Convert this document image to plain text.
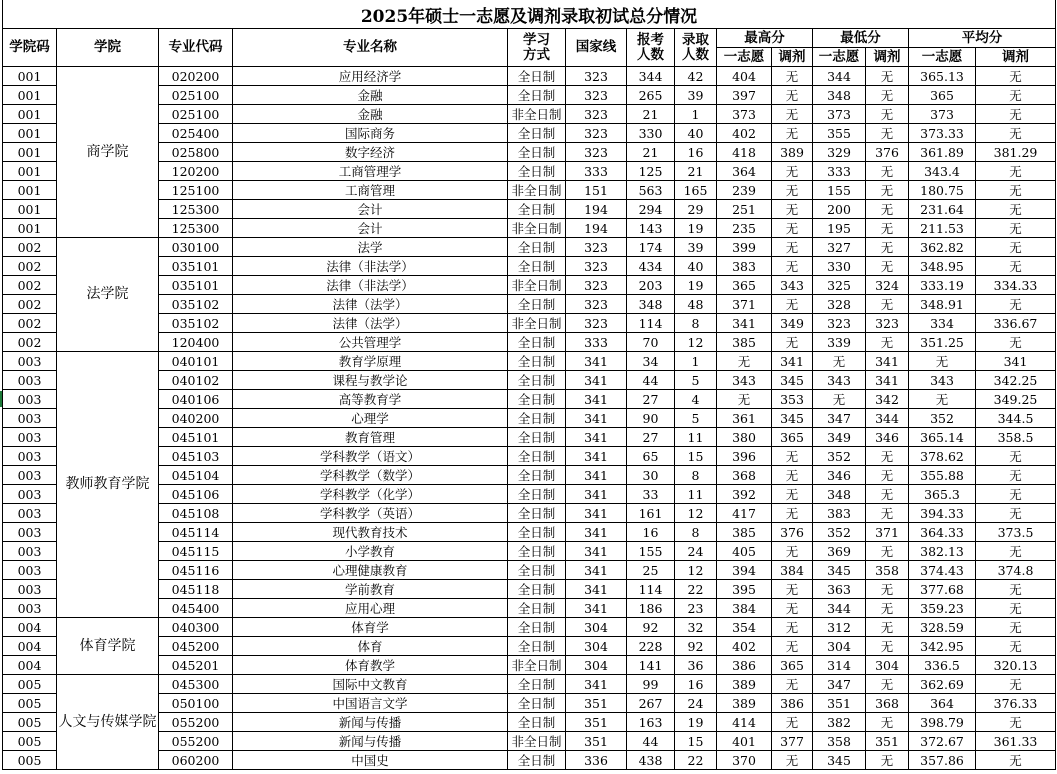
2025年硕士一志愿及调剂录取初试总分情况													
学院码	学院	专业代码	专业名称	学习方式	国家线	报考人数	录取人数	最高分		最低分		平均分	
								一志愿	调剂	一志愿	调剂	一志愿	调剂
001	商学院	020200	应用经济学	全日制	323	344	42	404	无	344	无	365.13	无
001		025100	金融	全日制	323	265	39	397	无	348	无	365	无
001		025100	金融	非全日制	323	21	1	373	无	373	无	373	无
001		025400	国际商务	全日制	323	330	40	402	无	355	无	373.33	无
001		025800	数字经济	全日制	323	21	16	418	389	329	376	361.89	381.29
001		120200	工商管理学	全日制	333	125	21	364	无	333	无	343.4	无
001		125100	工商管理	非全日制	151	563	165	239	无	155	无	180.75	无
001		125300	会计	全日制	194	294	29	251	无	200	无	231.64	无
001		125300	会计	非全日制	194	143	19	235	无	195	无	211.53	无
002	法学院	030100	法学	全日制	323	174	39	399	无	327	无	362.82	无
002		035101	法律（非法学）	全日制	323	434	40	383	无	330	无	348.95	无
002		035101	法律（非法学）	非全日制	323	203	19	365	343	325	324	333.19	334.33
002		035102	法律（法学）	全日制	323	348	48	371	无	328	无	348.91	无
002		035102	法律（法学）	非全日制	323	114	8	341	349	323	323	334	336.67
002		120400	公共管理学	全日制	333	70	12	385	无	339	无	351.25	无
003	教师教育学院	040101	教育学原理	全日制	341	34	1	无	341	无	341	无	341
003		040102	课程与教学论	全日制	341	44	5	343	345	343	341	343	342.25
003		040106	高等教育学	全日制	341	27	4	无	353	无	342	无	349.25
003		040200	心理学	全日制	341	90	5	361	345	347	344	352	344.5
003		045101	教育管理	全日制	341	27	11	380	365	349	346	365.14	358.5
003		045103	学科教学（语文）	全日制	341	65	15	396	无	352	无	378.62	无
003		045104	学科教学（数学）	全日制	341	30	8	368	无	346	无	355.88	无
003		045106	学科教学（化学）	全日制	341	33	11	392	无	348	无	365.3	无
003		045108	学科教学（英语）	全日制	341	161	12	417	无	383	无	394.33	无
003		045114	现代教育技术	全日制	341	16	8	385	376	352	371	364.33	373.5
003		045115	小学教育	全日制	341	155	24	405	无	369	无	382.13	无
003		045116	心理健康教育	全日制	341	25	12	394	384	345	358	374.43	374.8
003		045118	学前教育	全日制	341	114	22	395	无	363	无	377.68	无
003		045400	应用心理	全日制	341	186	23	384	无	344	无	359.23	无
004	体育学院	040300	体育学	全日制	304	92	32	354	无	312	无	328.59	无
004		045200	体育	全日制	304	228	92	402	无	304	无	342.95	无
004		045201	体育教学	非全日制	304	141	36	386	365	314	304	336.5	320.13
005	人文与传媒学院	045300	国际中文教育	全日制	341	99	16	389	无	347	无	362.69	无
005		050100	中国语言文学	全日制	351	267	24	389	386	351	368	364	376.33
005		055200	新闻与传播	全日制	351	163	19	414	无	382	无	398.79	无
005		055200	新闻与传播	非全日制	351	44	15	401	377	358	351	372.67	361.33
005		060200	中国史	全日制	336	438	22	370	无	345	无	357.86	无
